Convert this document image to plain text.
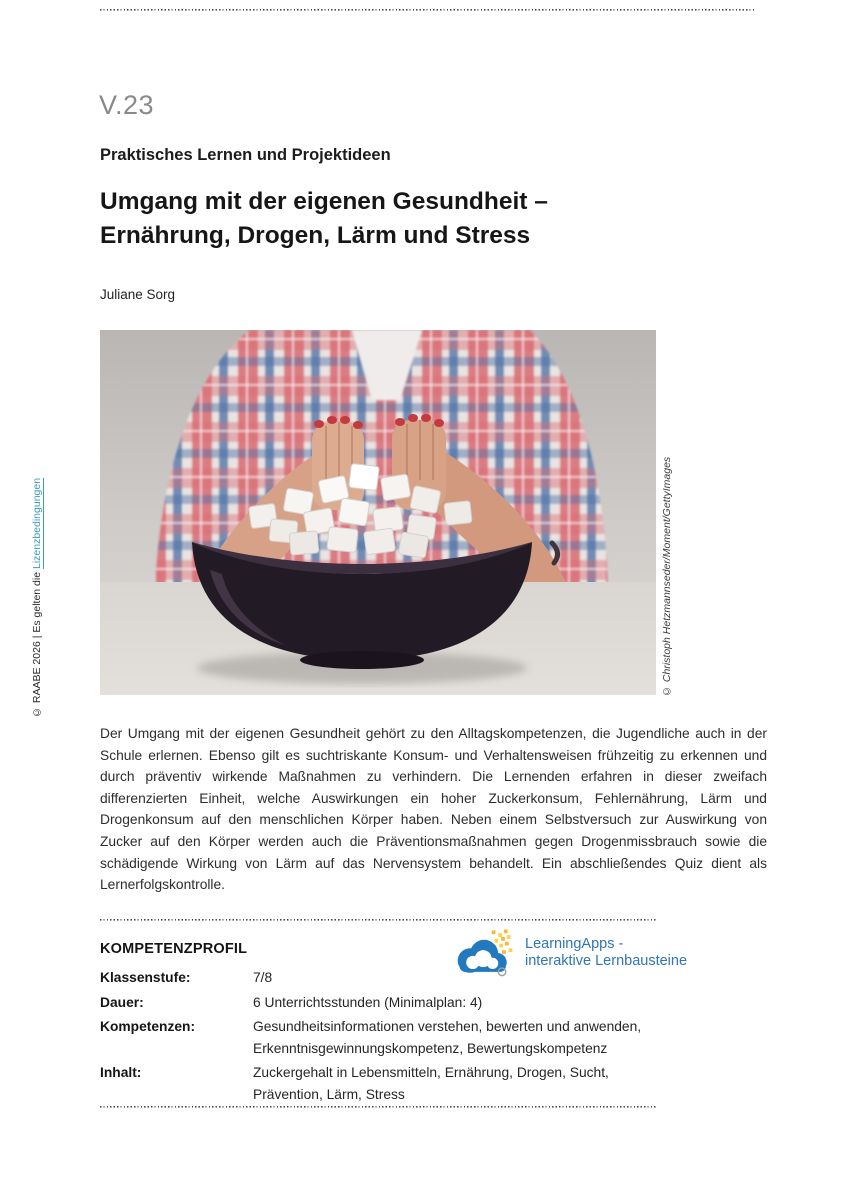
V.23
Praktisches Lernen und Projektideen
Umgang mit der eigenen Gesundheit –
Ernährung, Drogen, Lärm und Stress
Juliane Sorg
© RAABE 2026 | Es gelten die Lizenzbedingungen	© Christoph Hetzmannseder/Moment/GettyImages
Der Umgang mit der eigenen Gesundheit gehört zu den Alltagskompetenzen, die Jugendliche auch in der Schule erlernen. Ebenso gilt es suchtriskante Konsum- und Verhaltensweisen frühzeitig zu erkennen und durch präventiv wirkende Maßnahmen zu verhindern. Die Lernenden erfahren in dieser zweifach differenzierten Einheit, welche Auswirkungen ein hoher Zuckerkonsum, Fehlernährung, Lärm und Drogenkonsum auf den menschlichen Körper haben. Neben einem Selbstversuch zur Auswirkung von Zucker auf den Körper werden auch die Präventionsmaßnahmen gegen Drogenmissbrauch sowie die schädigende Wirkung von Lärm auf das Nervensystem behandelt. Ein abschließendes Quiz dient als Lernerfolgskontrolle.
KOMPETENZPROFIL	LearningApps -
interaktive Lernbausteine
Klassenstufe:	7/8
Dauer:	6 Unterrichtsstunden (Minimalplan: 4)
Kompetenzen:	Gesundheitsinformationen verstehen, bewerten und anwenden, Erkenntnisgewinnungskompetenz, Bewertungskompetenz
Inhalt:	Zuckergehalt in Lebensmitteln, Ernährung, Drogen, Sucht, Prävention, Lärm, Stress
